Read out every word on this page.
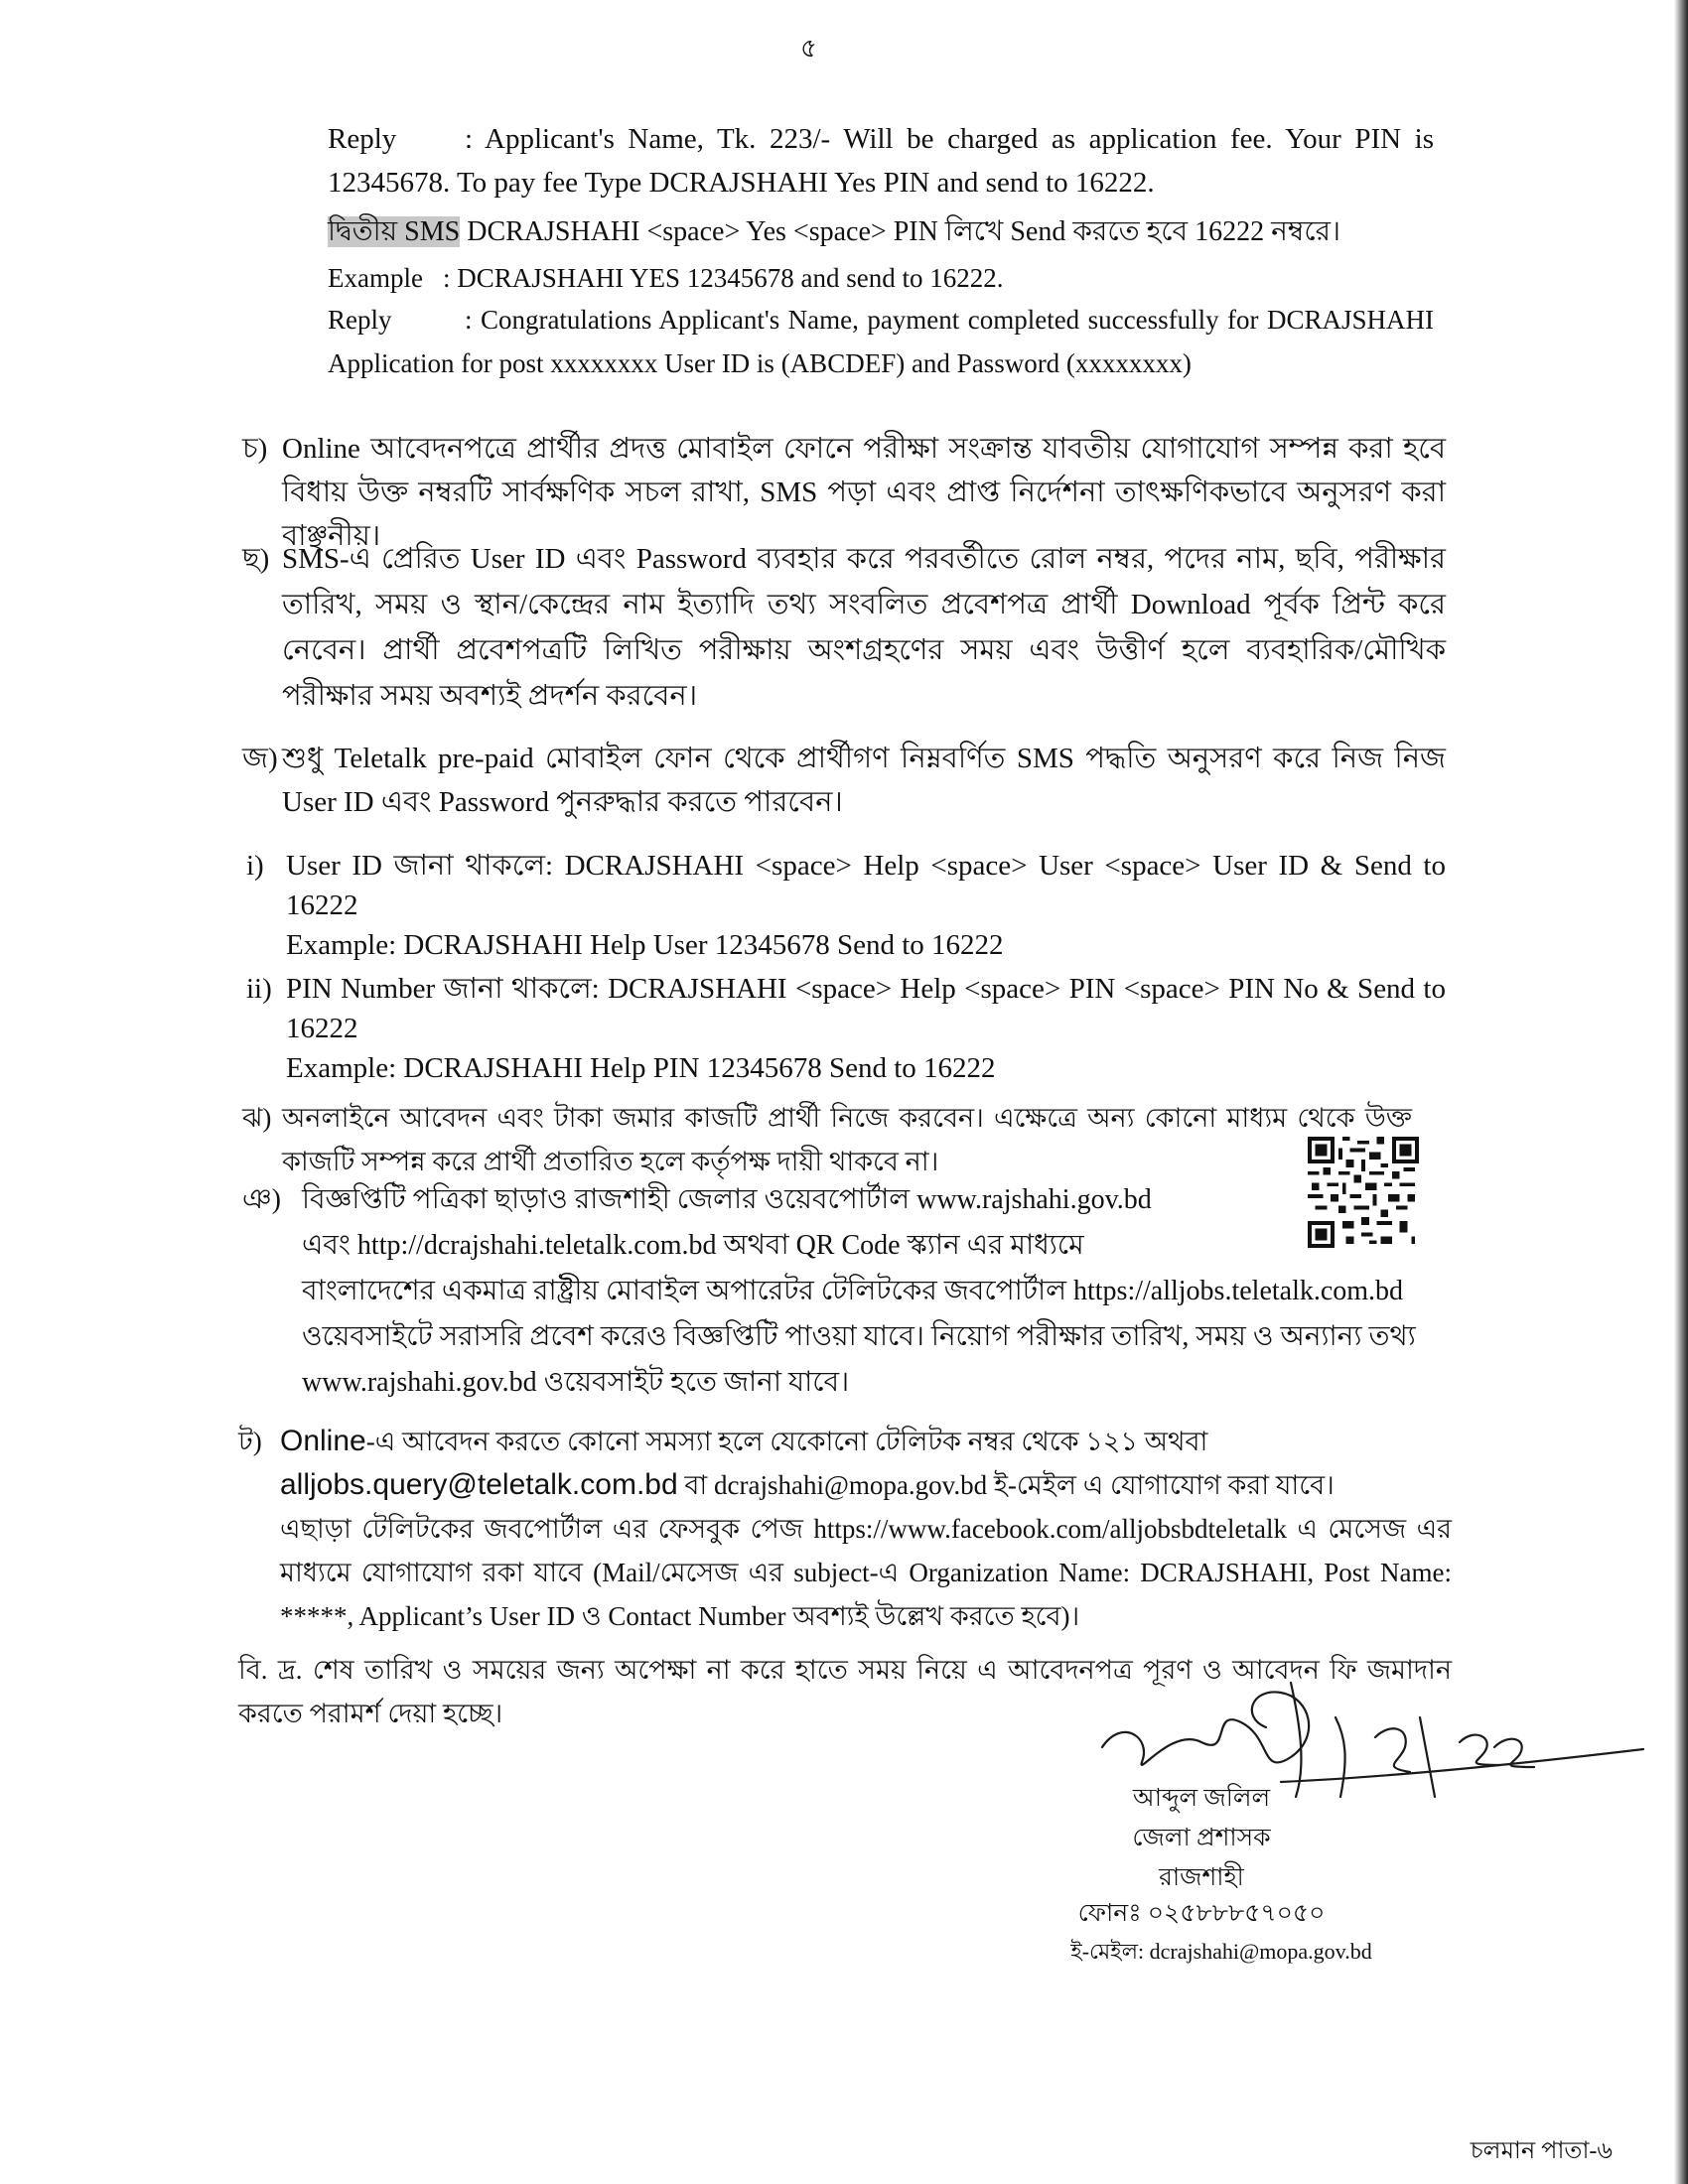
৫
Reply : Applicant's Name, Tk. 223/- Will be charged as application fee. Your PIN is 12345678. To pay fee Type DCRAJSHAHI Yes PIN and send to 16222.
দ্বিতীয় SMS DCRAJSHAHI <space> Yes <space> PIN লিখে Send করতে হবে 16222 নম্বরে।
Example : DCRAJSHAHI YES 12345678 and send to 16222.
Reply	: Congratulations Applicant's Name, payment completed successfully for DCRAJSHAHI Application for post xxxxxxxx User ID is (ABCDEF) and Password (xxxxxxxx)
চ) Online আবেদনপত্রে প্রার্থীর প্রদত্ত মোবাইল ফোনে পরীক্ষা সংক্রান্ত যাবতীয় যোগাযোগ সম্পন্ন করা হবে বিধায় উক্ত নম্বরটি সার্বক্ষণিক সচল রাখা, SMS পড়া এবং প্রাপ্ত নির্দেশনা তাৎক্ষণিকভাবে অনুসরণ করা বাঞ্ছনীয়।
ছ) SMS-এ প্রেরিত User ID এবং Password ব্যবহার করে পরবর্তীতে রোল নম্বর, পদের নাম, ছবি, পরীক্ষার তারিখ, সময় ও স্থান/কেন্দ্রের নাম ইত্যাদি তথ্য সংবলিত প্রবেশপত্র প্রার্থী Download পূর্বক প্রিন্ট করে নেবেন। প্রার্থী প্রবেশপত্রটি লিখিত পরীক্ষায় অংশগ্রহণের সময় এবং উত্তীর্ণ হলে ব্যবহারিক/মৌখিক পরীক্ষার সময় অবশ্যই প্রদর্শন করবেন।
জ) শুধু Teletalk pre-paid মোবাইল ফোন থেকে প্রার্থীগণ নিম্নবর্ণিত SMS পদ্ধতি অনুসরণ করে নিজ নিজ User ID এবং Password পুনরুদ্ধার করতে পারবেন।
i) User ID জানা থাকলে: DCRAJSHAHI <space> Help <space> User <space> User ID & Send to 16222
Example: DCRAJSHAHI Help User 12345678 Send to 16222
ii) PIN Number জানা থাকলে: DCRAJSHAHI <space> Help <space> PIN <space> PIN No & Send to 16222
Example: DCRAJSHAHI Help PIN 12345678 Send to 16222
ঝ) অনলাইনে আবেদন এবং টাকা জমার কাজটি প্রার্থী নিজে করবেন। এক্ষেত্রে অন্য কোনো মাধ্যম থেকে উক্ত কাজটি সম্পন্ন করে প্রার্থী প্রতারিত হলে কর্তৃপক্ষ দায়ী থাকবে না।
ঞ) বিজ্ঞপ্তিটি পত্রিকা ছাড়াও রাজশাহী জেলার ওয়েবপোর্টাল www.rajshahi.gov.bd
এবং http://dcrajshahi.teletalk.com.bd অথবা QR Code স্ক্যান এর মাধ্যমে
বাংলাদেশের একমাত্র রাষ্ট্রীয় মোবাইল অপারেটর টেলিটকের জবপোর্টাল https://alljobs.teletalk.com.bd
ওয়েবসাইটে সরাসরি প্রবেশ করেও বিজ্ঞপ্তিটি পাওয়া যাবে। নিয়োগ পরীক্ষার তারিখ, সময় ও অন্যান্য তথ্য
www.rajshahi.gov.bd ওয়েবসাইট হতে জানা যাবে।
ট) Online-এ আবেদন করতে কোনো সমস্যা হলে যেকোনো টেলিটক নম্বর থেকে ১২১ অথবা
alljobs.query@teletalk.com.bd বা dcrajshahi@mopa.gov.bd ই-মেইল এ যোগাযোগ করা যাবে।
এছাড়া টেলিটকের জবপোর্টাল এর ফেসবুক পেজ https://www.facebook.com/alljobsbdteletalk এ মেসেজ এর মাধ্যমে যোগাযোগ রকা যাবে (Mail/মেসেজ এর subject-এ Organization Name: DCRAJSHAHI, Post Name: *****, Applicant’s User ID ও Contact Number অবশ্যই উল্লেখ করতে হবে)।
বি. দ্র. শেষ তারিখ ও সময়ের জন্য অপেক্ষা না করে হাতে সময় নিয়ে এ আবেদনপত্র পূরণ ও আবেদন ফি জমাদান করতে পরামর্শ দেয়া হচ্ছে।
আব্দুল জলিল
জেলা প্রশাসক
রাজশাহী
ফোনঃ ০২৫৮৮৮৫৭০৫০
ই-মেইল: dcrajshahi@mopa.gov.bd
চলমান পাতা-৬
